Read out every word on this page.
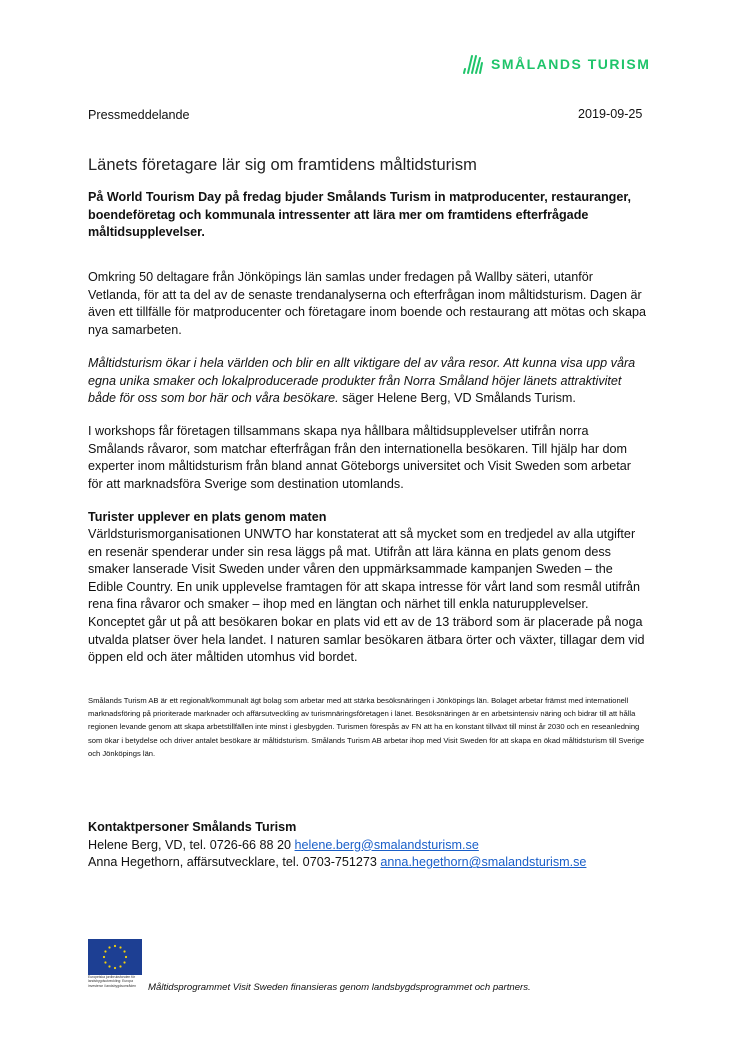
SMÅLANDS TURISM
Pressmeddelande	2019-09-25
Länets företagare lär sig om framtidens måltidsturism
På World Tourism Day på fredag bjuder Smålands Turism in matproducenter, restauranger, boendeföretag och kommunala intressenter att lära mer om framtidens efterfrågade måltidsupplevelser.
Omkring 50 deltagare från Jönköpings län samlas under fredagen på Wallby säteri, utanför Vetlanda, för att ta del av de senaste trendanalyserna och efterfrågan inom måltidsturism. Dagen är även ett tillfälle för matproducenter och företagare inom boende och restaurang att mötas och skapa nya samarbeten.
Måltidsturism ökar i hela världen och blir en allt viktigare del av våra resor. Att kunna visa upp våra egna unika smaker och lokalproducerade produkter från Norra Småland höjer länets attraktivitet både för oss som bor här och våra besökare. säger Helene Berg, VD Smålands Turism.
I workshops får företagen tillsammans skapa nya hållbara måltidsupplevelser utifrån norra Smålands råvaror, som matchar efterfrågan från den internationella besökaren. Till hjälp har dom experter inom måltidsturism från bland annat Göteborgs universitet och Visit Sweden som arbetar för att marknadsföra Sverige som destination utomlands.
Turister upplever en plats genom maten
Världsturismorganisationen UNWTO har konstaterat att så mycket som en tredjedel av alla utgifter en resenär spenderar under sin resa läggs på mat. Utifrån att lära känna en plats genom dess smaker lanserade Visit Sweden under våren den uppmärksammade kampanjen Sweden – the Edible Country. En unik upplevelse framtagen för att skapa intresse för vårt land som resmål utifrån rena fina råvaror och smaker – ihop med en längtan och närhet till enkla naturupplevelser. Konceptet går ut på att besökaren bokar en plats vid ett av de 13 träbord som är placerade på noga utvalda platser över hela landet. I naturen samlar besökaren ätbara örter och växter, tillagar dem vid öppen eld och äter måltiden utomhus vid bordet.
Smålands Turism AB är ett regionalt/kommunalt ägt bolag som arbetar med att stärka besöksnäringen i Jönköpings län. Bolaget arbetar främst med internationell marknadsföring på prioriterade marknader och affärsutveckling av turismnäringsföretagen i länet. Besöksnäringen är en arbetsintensiv näring och bidrar till att hålla regionen levande genom att skapa arbetstillfällen inte minst i glesbygden. Turismen förespås av FN att ha en konstant tillväxt till minst år 2030 och en reseanledning som ökar i betydelse och driver antalet besökare är måltidsturism. Smålands Turism AB arbetar ihop med Visit Sweden för att skapa en ökad måltidsturism till Sverige och Jönköpings län.
Kontaktpersoner Smålands Turism
Helene Berg, VD, tel. 0726-66 88 20 helene.berg@smalandsturism.se
Anna Hegethorn, affärsutvecklare, tel. 0703-751273 anna.hegethorn@smalandsturism.se
Europeiska jordbruksfonden för landsbygdsutveckling: Europa investerar i landsbygdsområden	Måltidsprogrammet Visit Sweden finansieras genom landsbygdsprogrammet och partners.
